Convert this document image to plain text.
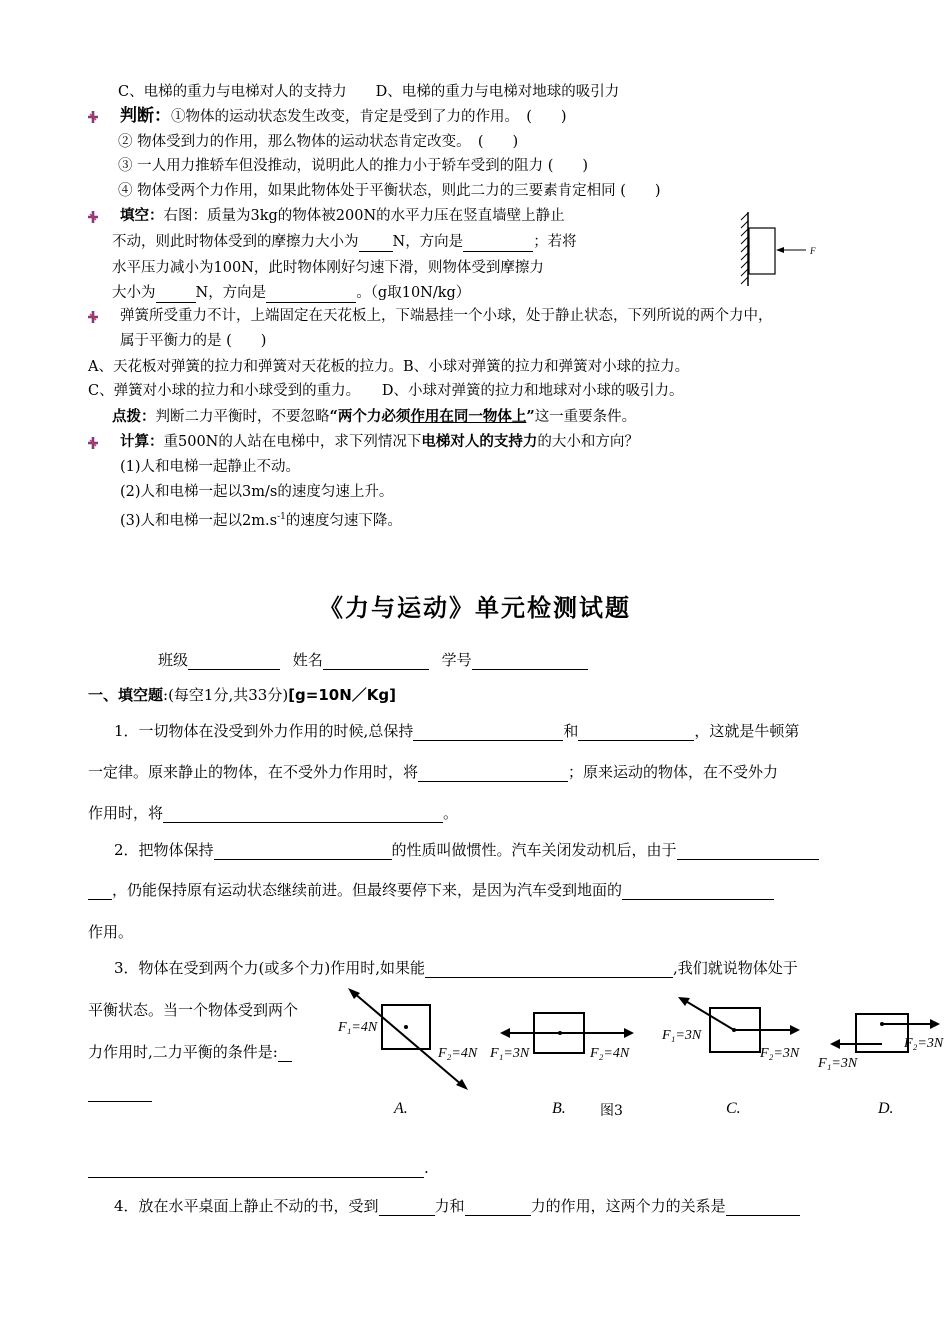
C、电梯的重力与电梯对人的支持力　　D、电梯的重力与电梯对地球的吸引力
判断：①物体的运动状态发生改变，肯定是受到了力的作用。　(　　)
② 物体受到力的作用，那么物体的运动状态肯定改变。　(　　)
③ 一人用力推轿车但没推动，说明此人的推力小于轿车受到的阻力 (　　)
④ 物体受两个力作用，如果此物体处于平衡状态，则此二力的三要素肯定相同 (　　)
填空：右图：质量为3kg的物体被200N的水平力压在竖直墙壁上静止
不动，则此时物体受到的摩擦力大小为 N，方向是	；若将
水平压力减小为100N，此时物体刚好匀速下滑，则物体受到摩擦力
大小为	N，方向是	。（g取10N/kg）
F
弹簧所受重力不计，上端固定在天花板上，下端悬挂一个小球，处于静止状态，下列所说的两个力中，
属于平衡力的是 (　　)
A、天花板对弹簧的拉力和弹簧对天花板的拉力。B、小球对弹簧的拉力和弹簧对小球的拉力。
C、弹簧对小球的拉力和小球受到的重力。　　D、小球对弹簧的拉力和地球对小球的吸引力。
点拨：判断二力平衡时，不要忽略“两个力必须作用在同一物体上”这一重要条件。
计算：重500N的人站在电梯中，求下列情况下电梯对人的支持力的大小和方向？
(1)人和电梯一起静止不动。
(2)人和电梯一起以3m/s的速度匀速上升。
(3)人和电梯一起以$2m.s^{-1}$的速度匀速下降。
《力与运动》单元检测试题
班级	姓名	学号
一、填空题:(每空1分,共33分)[g=10N／Kg]
1．一切物体在没受到外力作用的时候,总保持	和	，这就是牛顿第
一定律。原来静止的物体，在不受外力作用时，将	；原来运动的物体，在不受外力
作用时，将	。
2．把物体保持	的性质叫做惯性。汽车关闭发动机后，由于
，仍能保持原有运动状态继续前进。但最终要停下来，是因为汽车受到地面的
作用。
3．物体在受到两个力(或多个力)作用时,如果能	,我们就说物体处于
平衡状态。当一个物体受到两个
力作用时,二力平衡的条件是:
.
4．放在水平桌面上静止不动的书，受到	力和	力的作用，这两个力的关系是
F₁=4N
F₂=4N
A.
F₁=3N	F₂=4N
B. 图3
F₁=3N
F₂=3N
C.
F₂=3N
F₁=3N
D.
